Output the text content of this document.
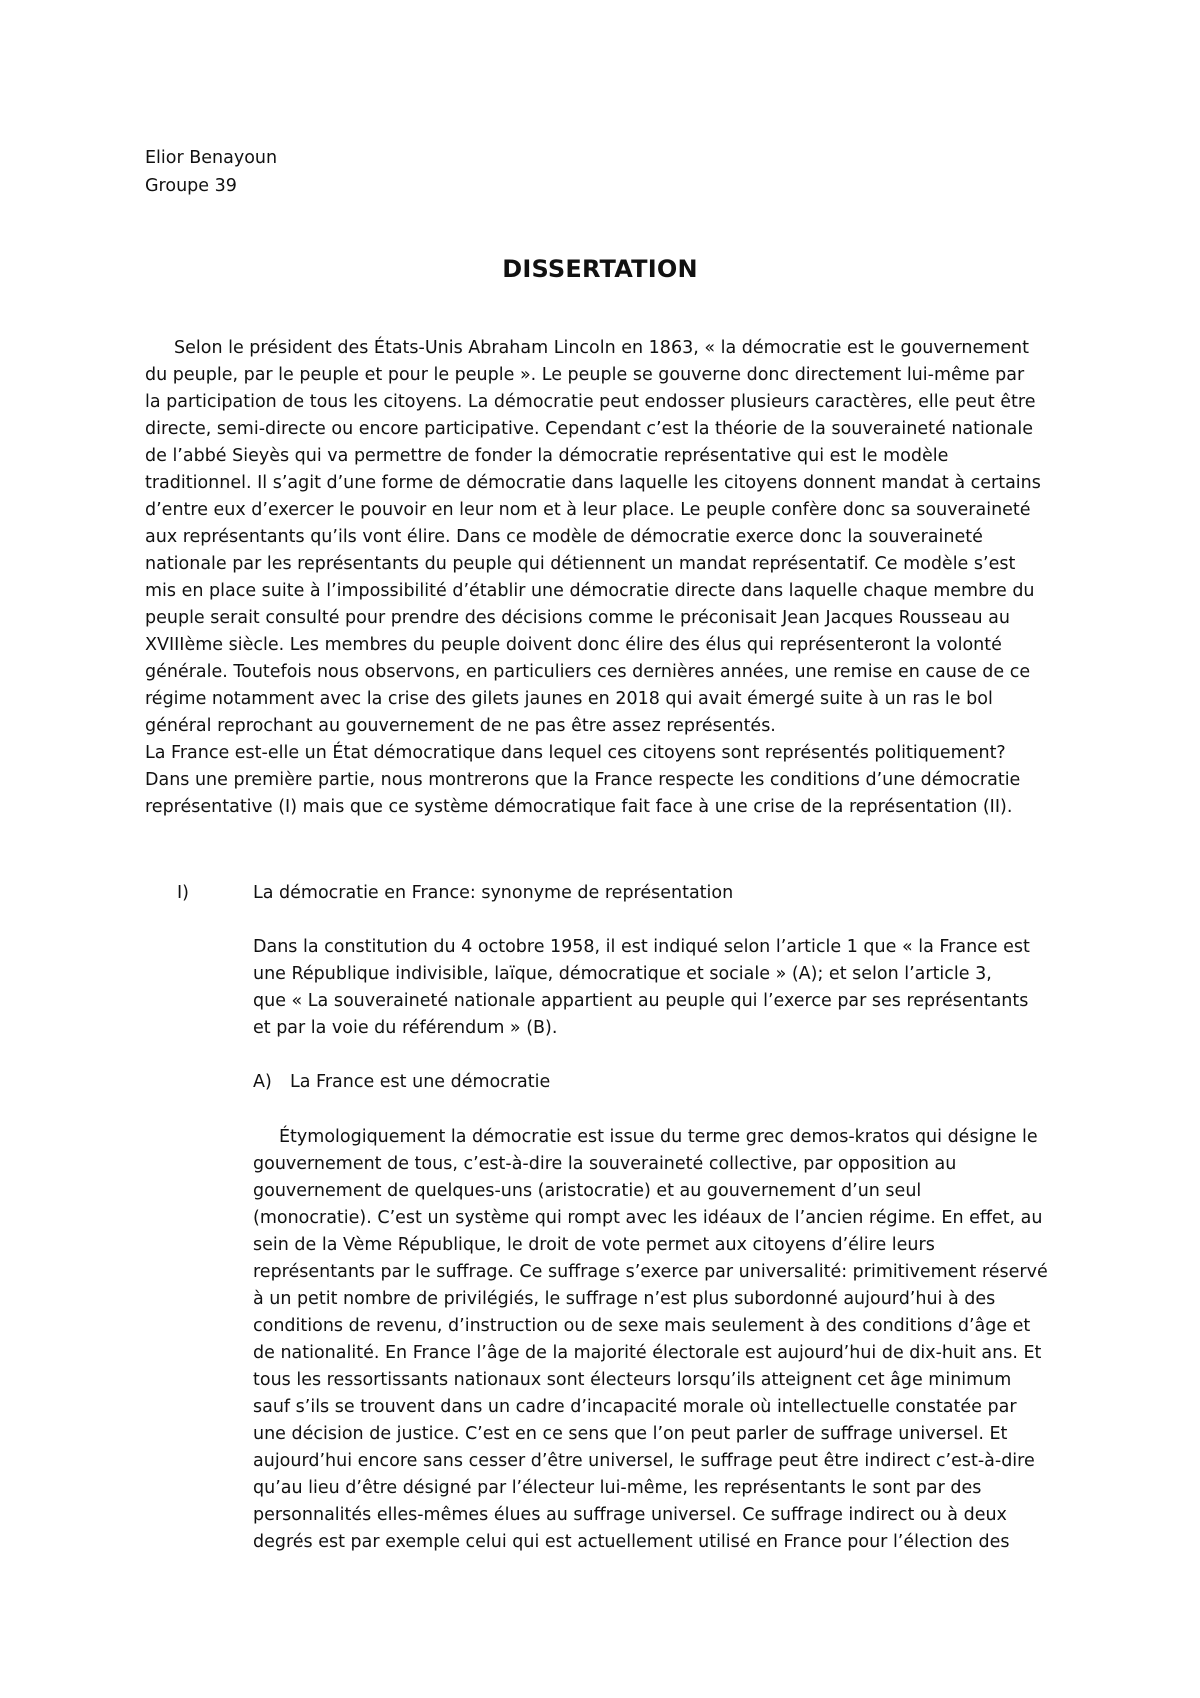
Elior Benayoun
Groupe 39
DISSERTATION
Selon le président des États-Unis Abraham Lincoln en 1863, « la démocratie est le gouvernement
du peuple, par le peuple et pour le peuple ». Le peuple se gouverne donc directement lui-même par
la participation de tous les citoyens. La démocratie peut endosser plusieurs caractères, elle peut être
directe, semi-directe ou encore participative. Cependant c’est la théorie de la souveraineté nationale
de l’abbé Sieyès qui va permettre de fonder la démocratie représentative qui est le modèle
traditionnel. Il s’agit d’une forme de démocratie dans laquelle les citoyens donnent mandat à certains
d’entre eux d’exercer le pouvoir en leur nom et à leur place. Le peuple confère donc sa souveraineté
aux représentants qu’ils vont élire. Dans ce modèle de démocratie exerce donc la souveraineté
nationale par les représentants du peuple qui détiennent un mandat représentatif. Ce modèle s’est
mis en place suite à l’impossibilité d’établir une démocratie directe dans laquelle chaque membre du
peuple serait consulté pour prendre des décisions comme le préconisait Jean Jacques Rousseau au
XVIIIème siècle. Les membres du peuple doivent donc élire des élus qui représenteront la volonté
générale. Toutefois nous observons, en particuliers ces dernières années, une remise en cause de ce
régime notamment avec la crise des gilets jaunes en 2018 qui avait émergé suite à un ras le bol
général reprochant au gouvernement de ne pas être assez représentés.
La France est-elle un État démocratique dans lequel ces citoyens sont représentés politiquement?
Dans une première partie, nous montrerons que la France respecte les conditions d’une démocratie
représentative (I) mais que ce système démocratique fait face à une crise de la représentation (II).
I)	La démocratie en France: synonyme de représentation
Dans la constitution du 4 octobre 1958, il est indiqué selon l’article 1 que « la France est
une République indivisible, laïque, démocratique et sociale » (A); et selon l’article 3,
que « La souveraineté nationale appartient au peuple qui l’exerce par ses représentants
et par la voie du référendum » (B).
A) La France est une démocratie
Étymologiquement la démocratie est issue du terme grec demos-kratos qui désigne le
gouvernement de tous, c’est-à-dire la souveraineté collective, par opposition au
gouvernement de quelques-uns (aristocratie) et au gouvernement d’un seul
(monocratie). C’est un système qui rompt avec les idéaux de l’ancien régime. En effet, au
sein de la Vème République, le droit de vote permet aux citoyens d’élire leurs
représentants par le suffrage. Ce suffrage s’exerce par universalité: primitivement réservé
à un petit nombre de privilégiés, le suffrage n’est plus subordonné aujourd’hui à des
conditions de revenu, d’instruction ou de sexe mais seulement à des conditions d’âge et
de nationalité. En France l’âge de la majorité électorale est aujourd’hui de dix-huit ans. Et
tous les ressortissants nationaux sont électeurs lorsqu’ils atteignent cet âge minimum
sauf s’ils se trouvent dans un cadre d’incapacité morale où intellectuelle constatée par
une décision de justice. C’est en ce sens que l’on peut parler de suffrage universel. Et
aujourd’hui encore sans cesser d’être universel, le suffrage peut être indirect c’est-à-dire
qu’au lieu d’être désigné par l’électeur lui-même, les représentants le sont par des
personnalités elles-mêmes élues au suffrage universel. Ce suffrage indirect ou à deux
degrés est par exemple celui qui est actuellement utilisé en France pour l’élection des
